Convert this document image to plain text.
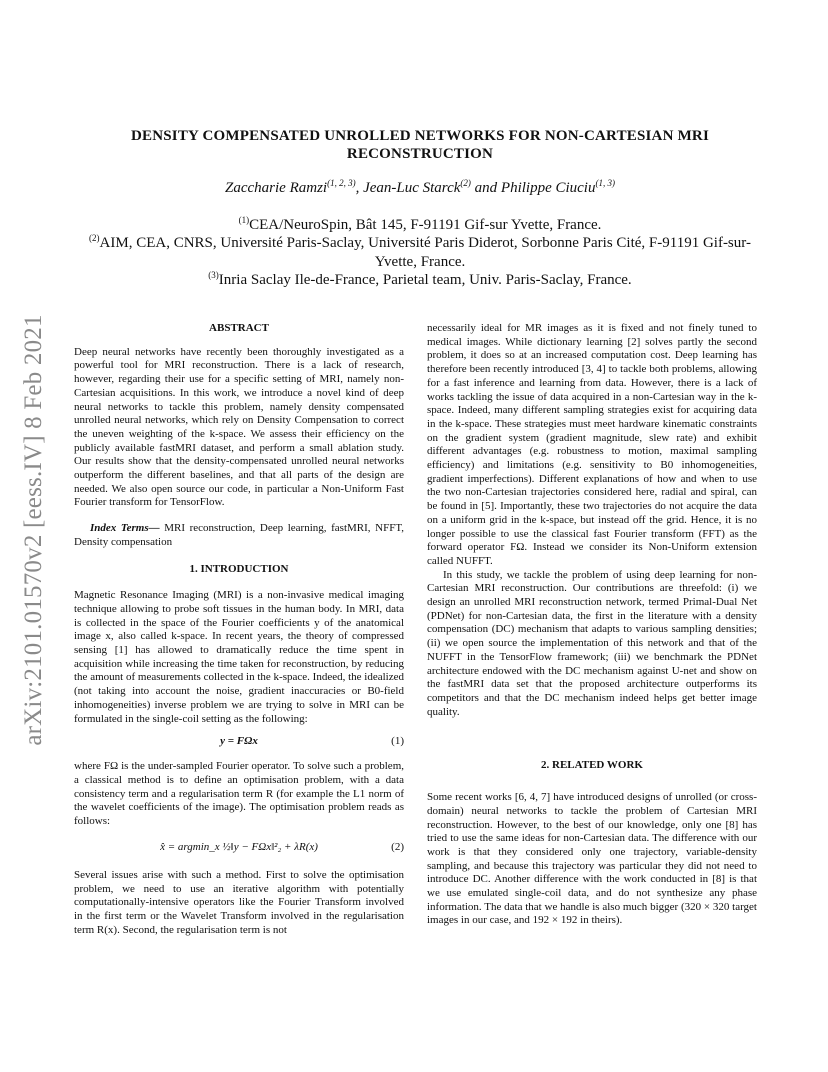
arXiv:2101.01570v2 [eess.IV] 8 Feb 2021
DENSITY COMPENSATED UNROLLED NETWORKS FOR NON-CARTESIAN MRI RECONSTRUCTION
Zaccharie Ramzi$^{(1, 2, 3)}$, Jean-Luc Starck$^{(2)}$ and Philippe Ciuciu$^{(1, 3)}$
$^{(1)}$CEA/NeuroSpin, Bât 145, F-91191 Gif-sur Yvette, France.
$^{(2)}$AIM, CEA, CNRS, Université Paris-Saclay, Université Paris Diderot, Sorbonne Paris Cité, F-91191 Gif-sur-Yvette, France.
$^{(3)}$Inria Saclay Ile-de-France, Parietal team, Univ. Paris-Saclay, France.
ABSTRACT

Deep neural networks have recently been thoroughly investigated as a powerful tool for MRI reconstruction. There is a lack of research, however, regarding their use for a specific setting of MRI, namely non-Cartesian acquisitions. In this work, we introduce a novel kind of deep neural networks to tackle this problem, namely density compensated unrolled neural networks, which rely on Density Compensation to correct the uneven weighting of the k-space. We assess their efficiency on the publicly available fastMRI dataset, and perform a small ablation study. Our results show that the density-compensated unrolled neural networks outperform the different baselines, and that all parts of the design are needed. We also open source our code, in particular a Non-Uniform Fast Fourier transform for TensorFlow.

Index Terms— MRI reconstruction, Deep learning, fastMRI, NFFT, Density compensation

1. INTRODUCTION

Magnetic Resonance Imaging (MRI) is a non-invasive medical imaging technique allowing to probe soft tissues in the human body. In MRI, data is collected in the space of the Fourier coefficients y of the anatomical image x, also called k-space. In recent years, the theory of compressed sensing [1] has allowed to dramatically reduce the time spent in acquisition while increasing the time taken for reconstruction, by reducing the amount of measurements collected in the k-space. Indeed, the idealized (not taking into account the noise, gradient inaccuracies or B0-field inhomogeneities) inverse problem we are trying to solve in MRI can be formulated in the single-coil setting as the following:

y = FΩx	(1)

where FΩ is the under-sampled Fourier operator. To solve such a problem, a classical method is to define an optimisation problem, with a data consistency term and a regularisation term R (for example the L1 norm of the wavelet coefficients of the image). The optimisation problem reads as follows:

x̂ = argmin_x ½‖y − FΩx‖²₂ + λR(x)	(2)

Several issues arise with such a method. First to solve the optimisation problem, we need to use an iterative algorithm with potentially computationally-intensive operators like the Fourier Transform involved in the first term or the Wavelet Transform involved in the regularisation term R(x). Second, the regularisation term is not

necessarily ideal for MR images as it is fixed and not finely tuned to medical images. While dictionary learning [2] solves partly the second problem, it does so at an increased computation cost. Deep learning has therefore been recently introduced [3, 4] to tackle both problems, allowing for a fast inference and learning from data. However, there is a lack of works tackling the issue of data acquired in a non-Cartesian way in the k-space. Indeed, many different sampling strategies exist for acquiring data in the k-space. These strategies must meet hardware kinematic constraints on the gradient system (gradient magnitude, slew rate) and exhibit different advantages (e.g. robustness to motion, maximal sampling efficiency) and limitations (e.g. sensitivity to B0 inhomogeneities, gradient imperfections). Different explanations of how and when to use the two non-Cartesian trajectories considered here, radial and spiral, can be found in [5]. Importantly, these two trajectories do not acquire the data on a uniform grid in the k-space, but instead off the grid. Hence, it is no longer possible to use the classical fast Fourier transform (FFT) as the forward operator FΩ. Instead we consider its Non-Uniform extension called NUFFT.

In this study, we tackle the problem of using deep learning for non-Cartesian MRI reconstruction. Our contributions are threefold: (i) we design an unrolled MRI reconstruction network, termed Primal-Dual Net (PDNet) for non-Cartesian data, the first in the literature with a density compensation (DC) mechanism that adapts to various sampling densities; (ii) we open source the implementation of this network and that of the NUFFT in the TensorFlow framework; (iii) we benchmark the PDNet architecture endowed with the DC mechanism against U-net and show on the fastMRI data set that the proposed architecture outperforms its competitors and that the DC mechanism indeed helps get better image quality.

2. RELATED WORK

Some recent works [6, 4, 7] have introduced designs of unrolled (or cross-domain) neural networks to tackle the problem of Cartesian MRI reconstruction. However, to the best of our knowledge, only one [8] has tried to use the same ideas for non-Cartesian data. The difference with our work is that they considered only one trajectory, variable-density sampling, and because this trajectory was particular they did not need to introduce DC. Another difference with the work conducted in [8] is that we use emulated single-coil data, and do not synthesize any phase information. The data that we handle is also much bigger (320 × 320 target images in our case, and 192 × 192 in theirs).
